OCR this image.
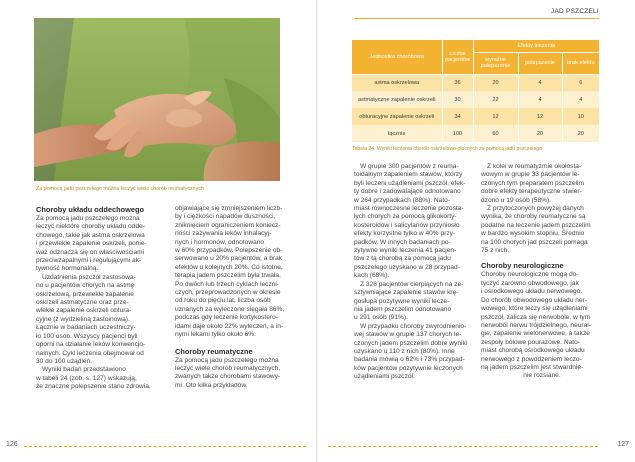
Za pomocą jadu pszczelego można leczyć wiele chorób reumatycznych
Choroby układu oddechowego
Za pomocą jadu pszczelego można
leczyć niektóre choroby układu odde-
chowego, takie jak astma oskrzelowa
i przewlekłe zapalenie oskrzeli, ponie-
waż odznacza się on właściwościami
przeciwzapalnymi i regulującymi ak-
tywność hormonalną.
Uzdatnienia pszczół zastosowa-
no u pacjentów chorych na astmę
oskrzelową, przewlekłe zapalenie
oskrzeli astmatyczne oraz prze-
wlekłe zapalenie oskrzeli obtura-
cyjne (z wydzieliną zastoinową).
Łącznie w badaniach uczestniczy-
ło 100 osób. Wszyscy pacjenci byli
oporni na działanie leków konwencjo-
nalnych. Cykl leczenia obejmował od
30 do 100 użądleń.
Wyniki badań przedstawiono
w tabeli 24 (zob. s. 127) wskazują,
że znaczne polepszenie stanu zdrowia,
objawiające się zmniejszeniem liczb-
by i ciężkości napadów duszności,
zniknięciem ograniczeniem koniecz-
ności zażywania leków inhalacyj-
nych i hormonów, odnotowano
w 60% przypadków. Polepszenie ob-
serwowano u 20% pacjentów, a brak
efektów u kolejnych 20%. Co istotne,
terapia jadem pszczelim była trwała.
Po dwóch lub trzech cyklach leczni-
czych, przeprowadzonych w okresie
od roku do pięciu lat, liczba osób
uznanych za wyleczone sięgała 86%,
podczas gdy leczenie kortykostero-
idami daje około 22% wyleczeń, a in-
nymi lekami tylko około 6%.
Choroby reumatyczne
Za pomocą jadu pszczelego można
leczyć wiele chorób reumatycznych,
zwanych także chorobami stawowy-
mi. Oto kilka przykładów.
126
JAD PSZCZELI
Jednostka chorobowa	Liczba pacjentów	Efekty leczenia		
		wyraźne polepszenie	polepszenie	brak efektu
astma oskrzelowa	36	20	4	6
astmatyczne zapalenie oskrzeli	30	22	4	4
obturacyjne zapalenie oskrzeli	34	12	12	10
łącznie	100	60	20	20
Tabela 24. Wyniki leczenia chorób oskrzelowo-płucnych za pomocą jadu pszczelego
W grupie 300 pacjentów z reuma-
toidalnym zapaleniem stawów, którzy
byli leczeni użądleniami pszczół, efek-
ty dobre i zadowalające odnotowano
w 264 przypadkach (88%). Nato-
miast równoczesne leczenie pozosta-
łych chorych za pomocą glikokorty-
kosteroidów i salicylanów przyniosło
efekty korzystne tylko w 40% przy-
padków. W innych badaniach po-
zytywne wyniki leczenia 41 pacjen-
tów z tą chorobą za pomocą jadu
pszczelego uzyskano w 28 przypad-
kach (68%).
Z 326 pacjentów cierpiących na ze-
sztywniające zapalenie stawów krę-
gosłupa pozytywne wyniki lecze-
nia jadem pszczelim odnotowano
u 291 osób (91%).
W przypadku choroby zwyrodnienio-
wej stawów w grupie 137 chorych le-
czonych jadem pszczelim dobre wyniki
uzyskano u 110 z nich (80%). Inne
badania mówią o 62% i 73% przypad-
ków pacjentów pozytywnie leczonych
użądleniami pszczół.
Z kolei w reumatyzmie okołosta-
wowym w grupie 33 pacjentów le-
czonych tym preparatem pszczelim
dobre efekty terapeutyczne stwier-
dzono u 19 osób (58%).
Z przytoczonych powyżej danych
wynika, że choroby reumatyczne są
podatne na leczenie jadem pszczelim
w bardzo wysokim stopniu. Średnio
na 100 chorych jad pszczeli pomaga
75 z nich.
Choroby neurologiczne
Choroby neurologiczne mogą do-
tyczyć zarówno obwodowego, jak
i ośrodkowego układu nerwowego.
Do chorób obwodowego układu ner-
wowego, które leczy się użądleniami
pszczół, zalicza się nerwobóle, w tym
nerwoból nerwu trójdzielnego, neural-
gie, zapalenie wielonerwowe, a także
zespoły bólowe pourazowe. Nato-
miast chorobą ośrodkowego układu
nerwowego z powodzeniem leczo-
ną jadem pszczelim jest stwardnie-
nie rozsiane.
127
